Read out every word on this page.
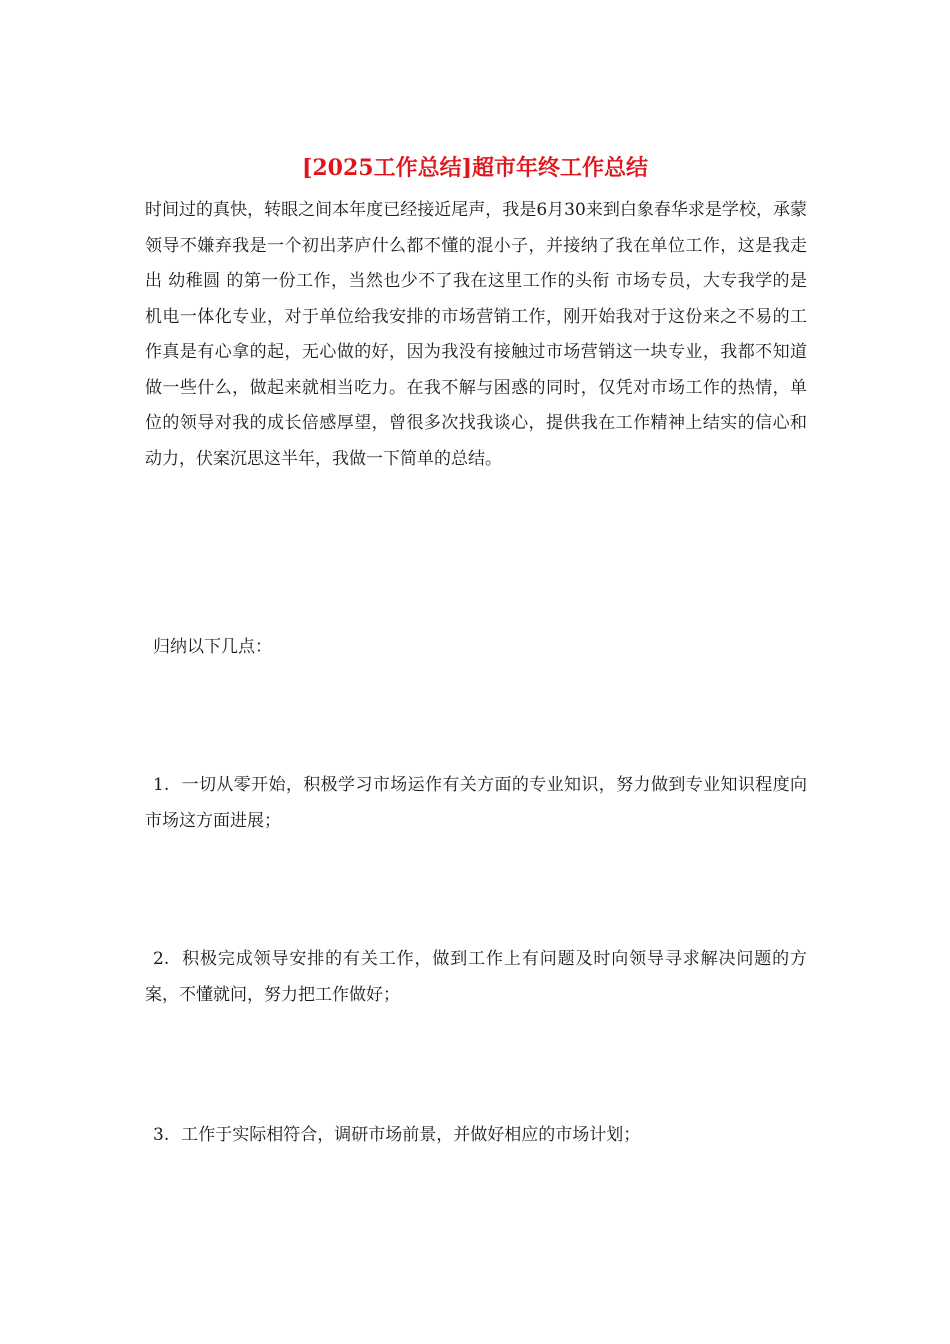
[2025工作总结]超市年终工作总结

时间过的真快，转眼之间本年度已经接近尾声，我是6月30来到白象春华求是学校，承蒙领导不嫌弃我是一个初出茅庐什么都不懂的混小子，并接纳了我在单位工作，这是我走出 幼稚圆 的第一份工作，当然也少不了我在这里工作的头衔 市场专员，大专我学的是机电一体化专业，对于单位给我安排的市场营销工作，刚开始我对于这份来之不易的工作真是有心拿的起，无心做的好，因为我没有接触过市场营销这一块专业，我都不知道做一些什么，做起来就相当吃力。在我不解与困惑的同时，仅凭对市场工作的热情，单位的领导对我的成长倍感厚望，曾很多次找我谈心，提供我在工作精神上结实的信心和动力，伏案沉思这半年，我做一下简单的总结。

归纳以下几点：

1. 一切从零开始，积极学习市场运作有关方面的专业知识，努力做到专业知识程度向市场这方面进展；

2. 积极完成领导安排的有关工作，做到工作上有问题及时向领导寻求解决问题的方案，不懂就问，努力把工作做好；

3. 工作于实际相符合，调研市场前景，并做好相应的市场计划；
